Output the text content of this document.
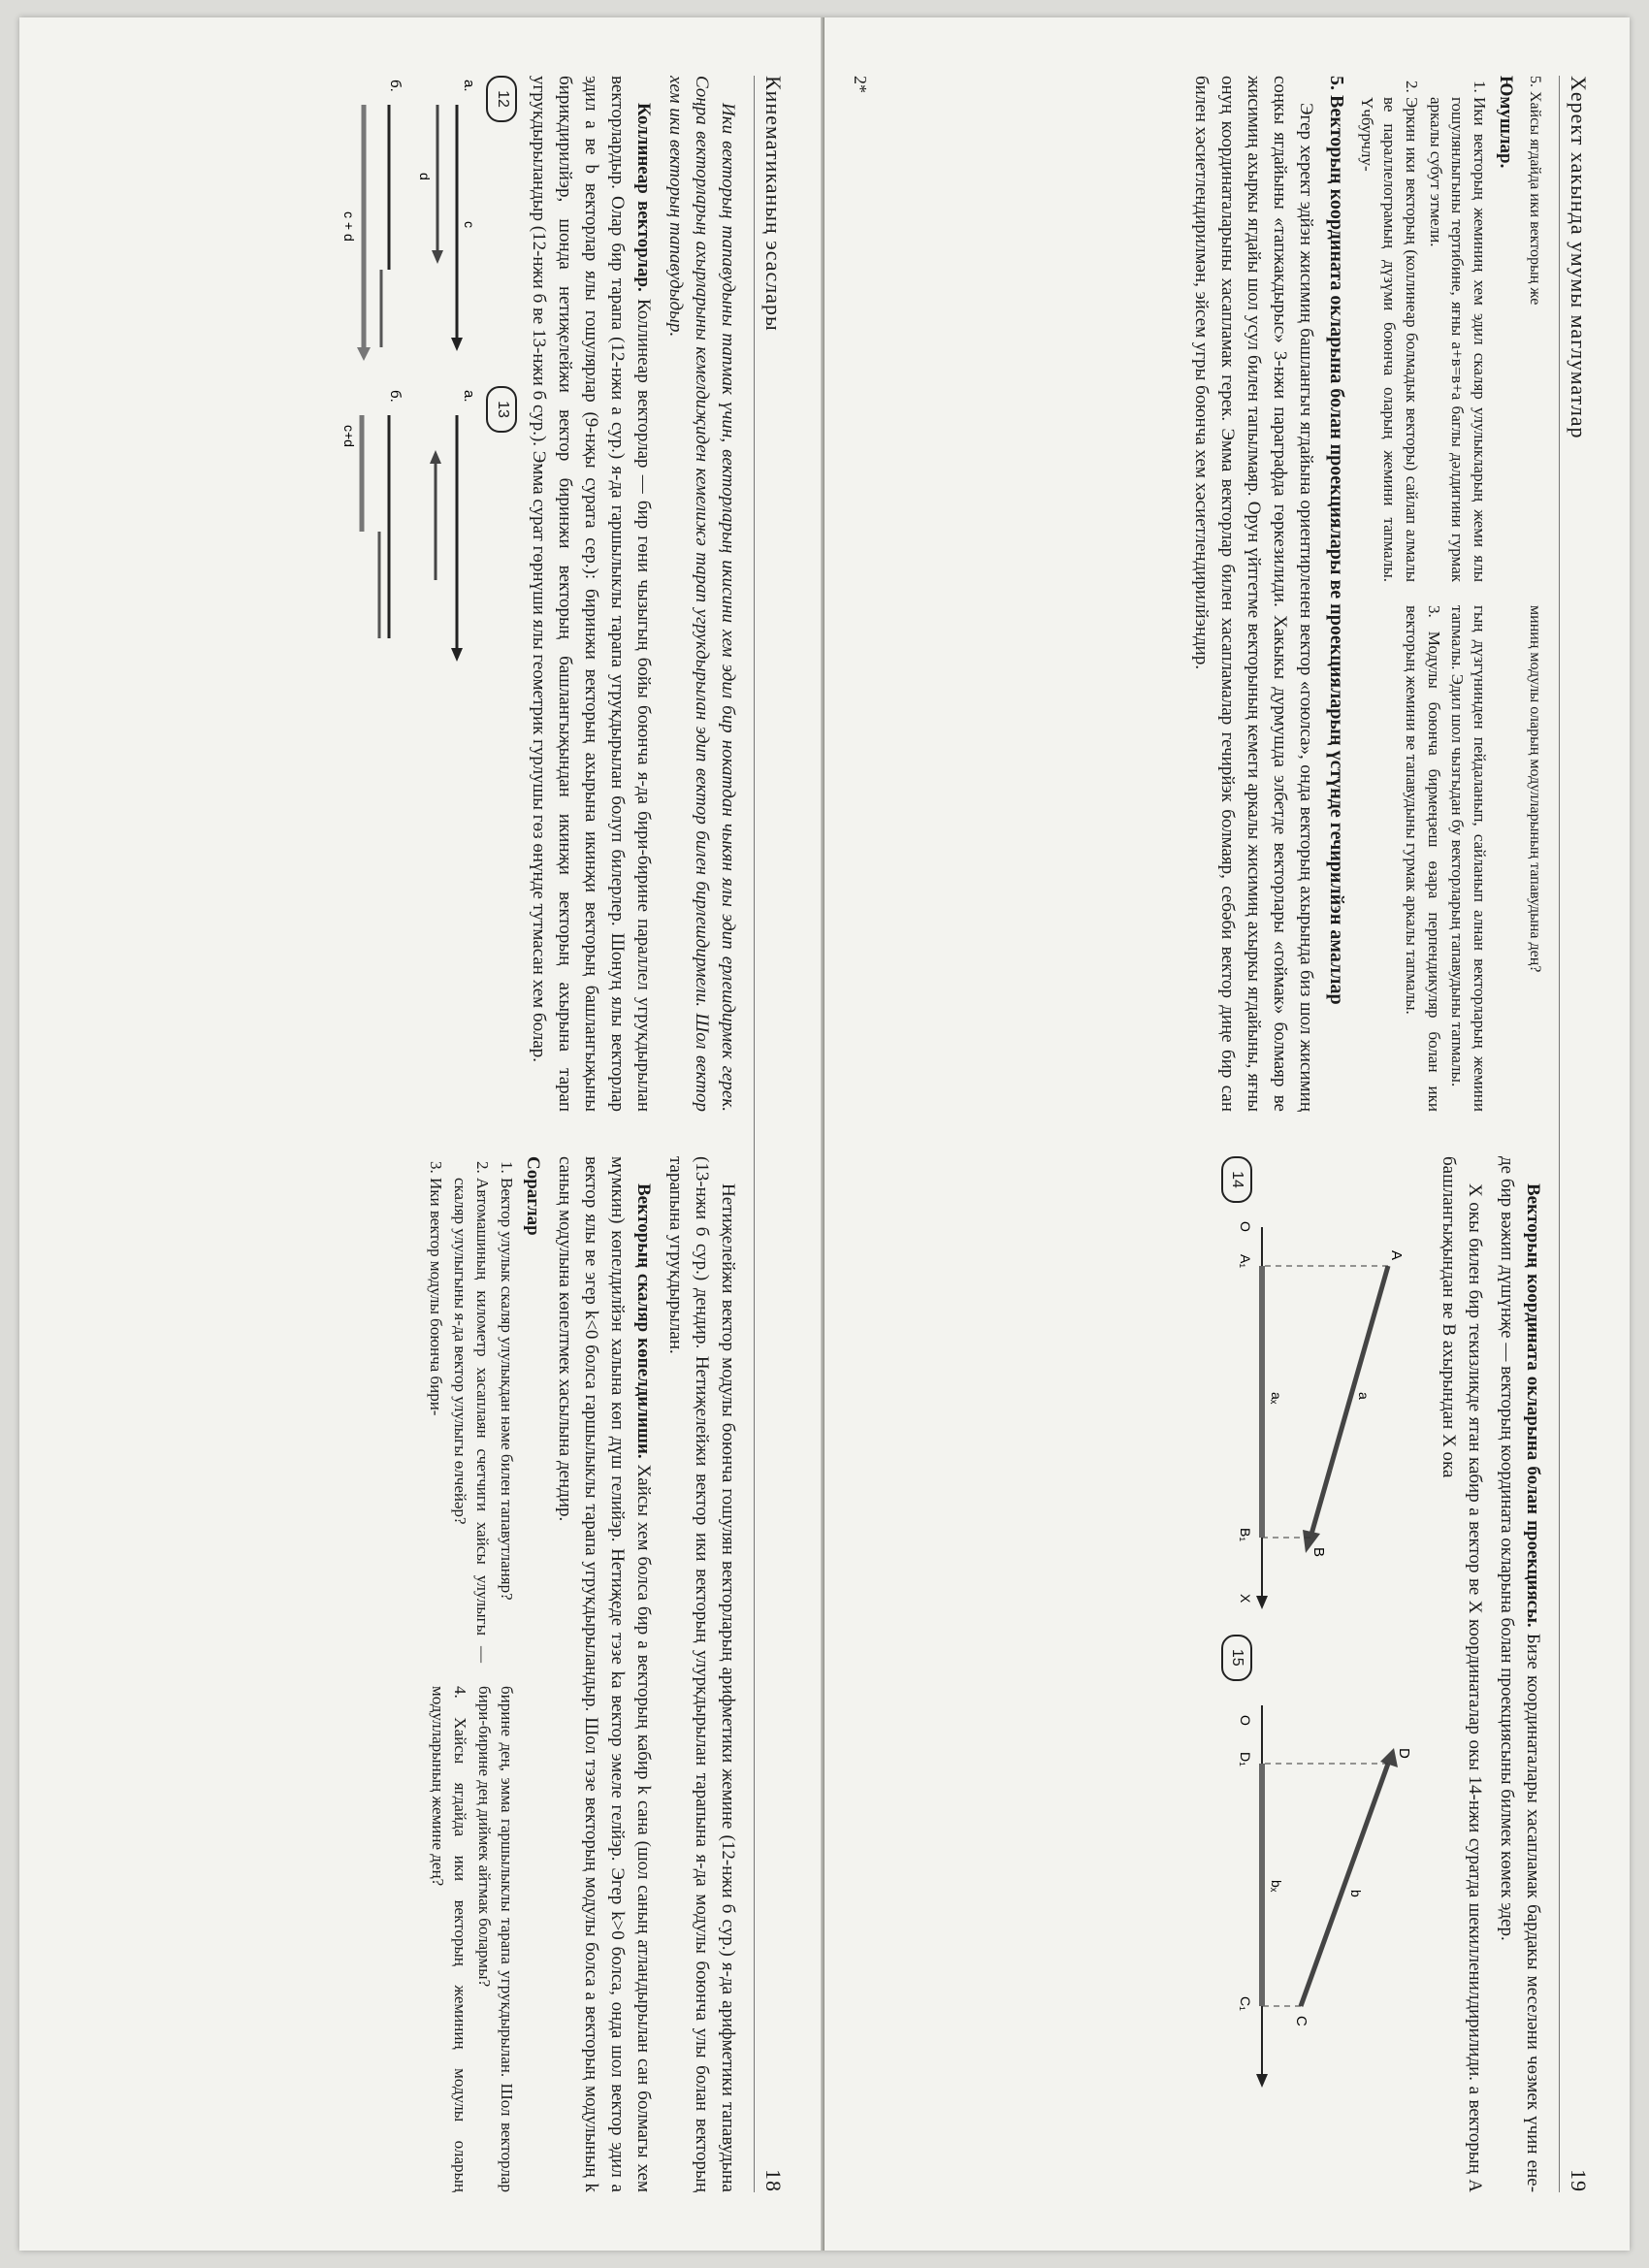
Кинематиканың эсаслары
18

Ики векторың тапавудыны тапмак үчин, векторларың икисини хем эдил бир нокатдан чыкян ялы эдип ерлешдирмек герек. Соңра векторларың ахырларыны кемелдиҗиден кемелижә тарап угрукдырылан эдип вектор билен бирлешдирмели. Шол вектор хем ики векторың тапавудыдыр.

Коллинеар векторлар. Коллинеар векторлар — бир гөни чызыгың бойы боюнча я-да бири-бирине параллел угрукдырылан векторлардыр. Олар бир тарапа (12-нжи а сур.) я-да гаршылыклы тарапа угрукдырылан болуп билерлер. Шонуң ялы векторлар эдил а ве b векторлар ялы гошулярлар (9-нҗы сурата сер.): биринжи векторың ахырына икинҗи векторың башлангыҗыны бирикдирилйэр, шонда нетиҗелейжи вектор биринжи векторың башлангыҗындан икинҗи векторың ахырына тарап угрукдырыландыр (12-нжи б ве 13-нжи б сур.). Эмма сурат гөрнүши ялы геометрик гурлушы гөз өнүнде тутмасан хем болар.

12
а.
c
d
б.
c + d
13
а.
б.
c+d

Нетиҗелейжи вектор модулы боюнча гошулян векторларың арифметики жемине (12-нжи б сур.) я-да арифметики тапавудына (13-нжи б сур.) дендир. Нетиҗелейжи вектор ики векторың улуркдырылан тарапына я-да модулы боюнча улы болан векторың тарапына угрукдырылан.

Векторың скаляр көпелдилиши. Хайсы хем болса бир а векторың кабир k сана (шол саның атландырылан сан болмагы хем мүмкин) көпелдилйэн халына көп дүш гелийэр. Нетиҗеде тэзе kа вектор эмеле гелйэр. Эгер k>0 болса, онда шол вектор эдил а вектор ялы ве эгер k<0 болса гаршылыклы тарапа угрукдырыландыр. Шол тэзе векторың модулы болса а векторың модулының k саның модулына көпелтмек хасылына дендир.

Сораглар
1. Вектор улулык скаляр улулыкдан нәме билен тапавутланяр?
2. Автомашиның километр хасаплаян счетчиги хайсы улулыгы — скаляр улулыгыны я-да вектор улулыгы өлчейәр?
3. Ики вектор модулы боюнча бири-
бирине дең, эмма гаршылыклы тарапа угрукдырылан. Шол векторлар бири-бирине дең диймек айтмак болармы?
4. Хайсы ягдайда ики векторың жеминиң модулы оларың модулларының жемине дең?
Херект хакында умумы маглуматлар
19
5. Хайсы ягдайда ики векторың же
миниң модулы оларың модулларының тапавудына дең?
Юмушлар.
1. Ики векторың жеминиң хем эдил скаляр улулыкларың жеми ялы гошулянлыгыны тертибине, яғны а+в=в+а баглы дәлдигини гурмак аркалы субут этмели.
2. Эркин ики векторың (коллинеар болмадык векторы) сайлап алмалы ве параллелограмың дүзүми боюнча оларың жемини тапмалы. Үчбурчлу-
гың дүзгүнинден пейдаланып, сайланып алнан векторларың жемини тапмалы. Эдил шол чызгыдан бу векторларың тапавудыны тапмалы.
3. Модулы боюнча бирмеңзеш өзара перпендикуляр болан ики векторың жемини ве тапавудыны гурмак аркалы тапмалы.
5. Векторың координата окларына болан проекциялары ве проекцияларың үстүнде гечирилйэн амаллар

Эгер херект эдйэн жисимиң башлангыч ягдайына ориентирленен вектор «гоюлса», онда векторың ахырында биз шол жисимиң соңкы ягдайыны «тапжакдырыс» 3-нжи параграфда гөркезилиди. Хакыкы дурмушда элбетде векторлары «гоймак» болмаяр ве жисимиң ахыркы ягдайы шол усул билен тапылмаяр. Орун үйтгетме векторының кемеги аркалы жисимиң ахыркы ягдайыны, яғны онуң координаталарыны хасапламак герек. Эмма векторлар билен хасапламалар гечирйэк болмаяр, себәби вектор диңе бир сан билен хәсиетлендирилмән, эйсем угры боюнча хем хәсиетлендирилйэндир.

Векторың координата окларына болан проекциясы. Бизе координаталары хасапламак бардакы меселәни чөзмек үчин ене-де бир вәжип дүшүнҗе — векторың координата окларына болан проекциясыны билмек көмек эдер.

Х окы билен бир текизликде ятан кабир а вектор ве Х координаталар окы 14-нжи суратда шекилленилдирилиди. а векторың А башлангыҗындан ве В ахырындан Х ока

14
A
B
A₁
B₁
O
X
a
aₓ
15
D
C
D₁
C₁
O
b
bₓ
2*
